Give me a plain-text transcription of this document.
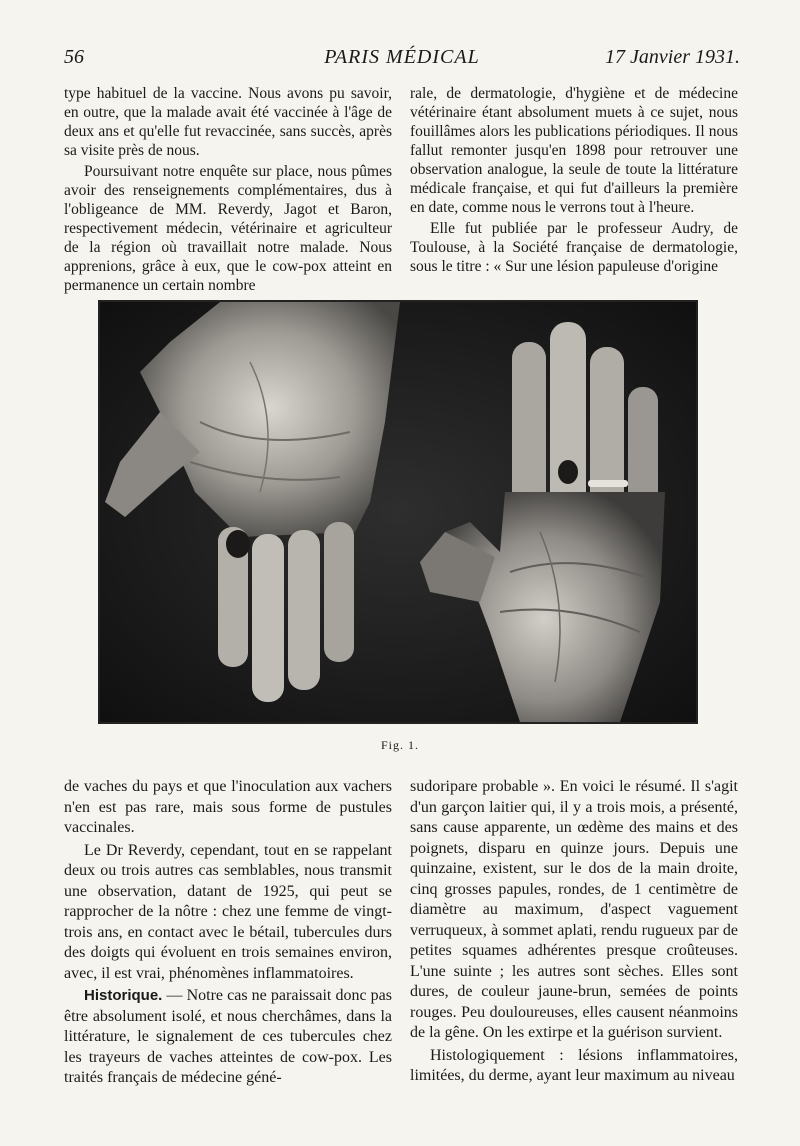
56	PARIS MÉDICAL	17 Janvier 1931.

type habituel de la vaccine. Nous avons pu savoir, en outre, que la malade avait été vaccinée à l'âge de deux ans et qu'elle fut revaccinée, sans succès, après sa visite près de nous.

Poursuivant notre enquête sur place, nous pûmes avoir des renseignements complémentaires, dus à l'obligeance de MM. Reverdy, Jagot et Baron, respectivement médecin, vétérinaire et agriculteur de la région où travaillait notre malade. Nous apprenions, grâce à eux, que le cow-pox atteint en permanence un certain nombre

rale, de dermatologie, d'hygiène et de médecine vétérinaire étant absolument muets à ce sujet, nous fouillâmes alors les publications périodiques. Il nous fallut remonter jusqu'en 1898 pour retrouver une observation analogue, la seule de toute la littérature médicale française, et qui fut d'ailleurs la première en date, comme nous le verrons tout à l'heure.

Elle fut publiée par le professeur Audry, de Toulouse, à la Société française de dermatologie, sous le titre : « Sur une lésion papuleuse d'origine

Fig. 1.

de vaches du pays et que l'inoculation aux vachers n'en est pas rare, mais sous forme de pustules vaccinales.

Le Dr Reverdy, cependant, tout en se rappelant deux ou trois autres cas semblables, nous transmit une observation, datant de 1925, qui peut se rapprocher de la nôtre : chez une femme de vingt-trois ans, en contact avec le bétail, tubercules durs des doigts qui évoluent en trois semaines environ, avec, il est vrai, phénomènes inflammatoires.

Historique. — Notre cas ne paraissait donc pas être absolument isolé, et nous cherchâmes, dans la littérature, le signalement de ces tubercules chez les trayeurs de vaches atteintes de cow-pox. Les traités français de médecine géné-

sudoripare probable ». En voici le résumé. Il s'agit d'un garçon laitier qui, il y a trois mois, a présenté, sans cause apparente, un œdème des mains et des poignets, disparu en quinze jours. Depuis une quinzaine, existent, sur le dos de la main droite, cinq grosses papules, rondes, de 1 centimètre de diamètre au maximum, d'aspect vaguement verruqueux, à sommet aplati, rendu rugueux par de petites squames adhérentes presque croûteuses. L'une suinte ; les autres sont sèches. Elles sont dures, de couleur jaune-brun, semées de points rouges. Peu douloureuses, elles causent néanmoins de la gêne. On les extirpe et la guérison survient.

Histologiquement : lésions inflammatoires, limitées, du derme, ayant leur maximum au niveau
